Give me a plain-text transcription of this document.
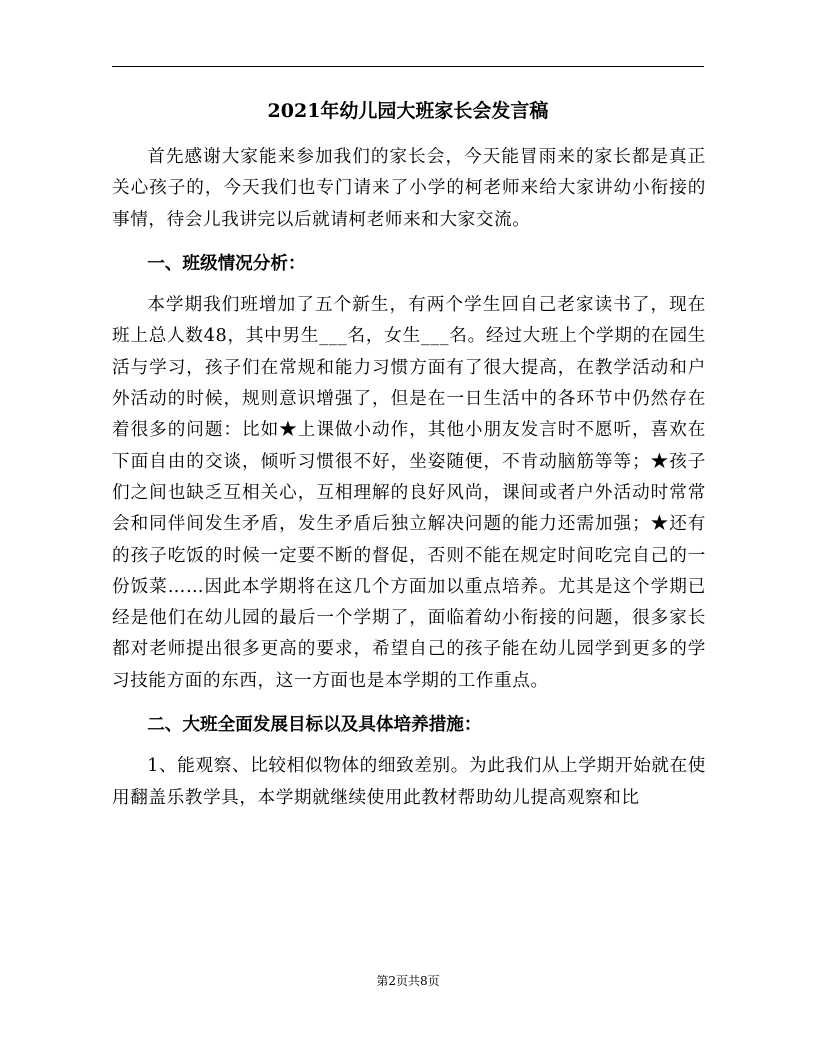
2021年幼儿园大班家长会发言稿

首先感谢大家能来参加我们的家长会，今天能冒雨来的家长都是真正关心孩子的，今天我们也专门请来了小学的柯老师来给大家讲幼小衔接的事情，待会儿我讲完以后就请柯老师来和大家交流。

一、班级情况分析：

本学期我们班增加了五个新生，有两个学生回自己老家读书了，现在班上总人数48，其中男生___名，女生___名。经过大班上个学期的在园生活与学习，孩子们在常规和能力习惯方面有了很大提高，在教学活动和户外活动的时候，规则意识增强了，但是在一日生活中的各环节中仍然存在着很多的问题：比如★上课做小动作，其他小朋友发言时不愿听，喜欢在下面自由的交谈，倾听习惯很不好，坐姿随便，不肯动脑筋等等；★孩子们之间也缺乏互相关心，互相理解的良好风尚，课间或者户外活动时常常会和同伴间发生矛盾，发生矛盾后独立解决问题的能力还需加强；★还有的孩子吃饭的时候一定要不断的督促，否则不能在规定时间吃完自己的一份饭菜……因此本学期将在这几个方面加以重点培养。尤其是这个学期已经是他们在幼儿园的最后一个学期了，面临着幼小衔接的问题，很多家长都对老师提出很多更高的要求，希望自己的孩子能在幼儿园学到更多的学习技能方面的东西，这一方面也是本学期的工作重点。

二、大班全面发展目标以及具体培养措施：

1、能观察、比较相似物体的细致差别。为此我们从上学期开始就在使用翻盖乐教学具，本学期就继续使用此教材帮助幼儿提高观察和比

第2页共8页
